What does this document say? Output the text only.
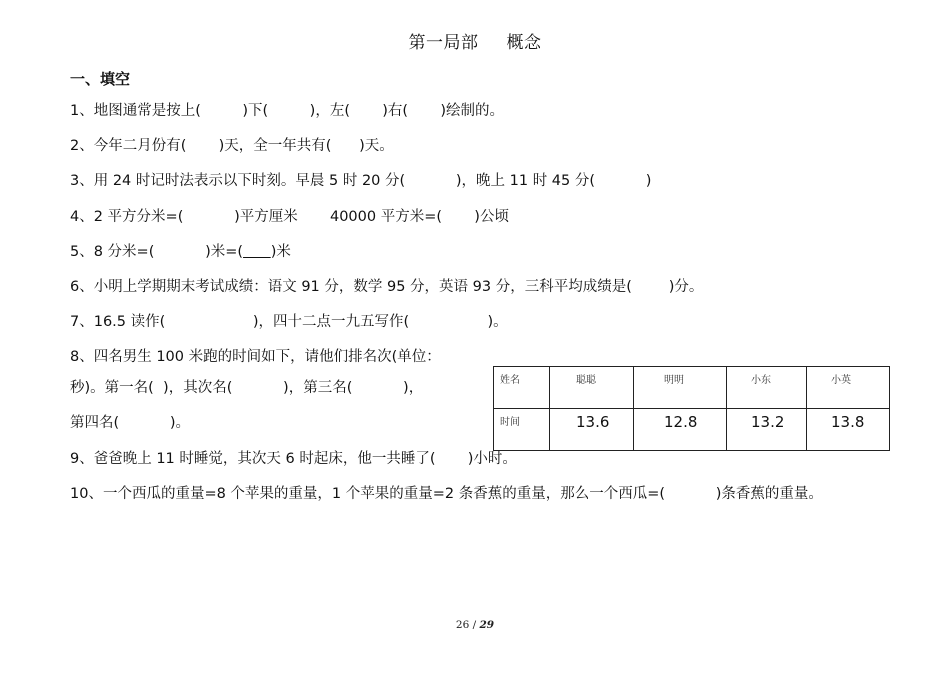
第一局部 概念
一、填空
1、地图通常是按上(         )下(         )，左(       )右(       )绘制的。
2、今年二月份有(       )天，全一年共有(      )天。
3、用 24 时记时法表示以下时刻。早晨 5 时 20 分(           )，晚上 11 时 45 分(           )
4、2 平方分米=(           )平方厘米       40000 平方米=(       )公顷
5、8 分米=(           )米=( )米
6、小明上学期期末考试成绩：语文 91 分，数学 95 分，英语 93 分，三科平均成绩是(        )分。
7、16.5 读作(                   )，四十二点一九五写作(                 )。
8、四名男生 100 米跑的时间如下，请他们排名次(单位：
秒)。第一名(  )，其次名(           )，第三名(           )，
第四名(           )。
9、爸爸晚上 11 时睡觉，其次天 6 时起床，他一共睡了(       )小时。
10、一个西瓜的重量=8 个苹果的重量，1 个苹果的重量=2 条香蕉的重量，那么一个西瓜=(           )条香蕉的重量。
姓名	聪聪	明明	小东	小英
时间	13.6	12.8	13.2	13.8
26 / 29
